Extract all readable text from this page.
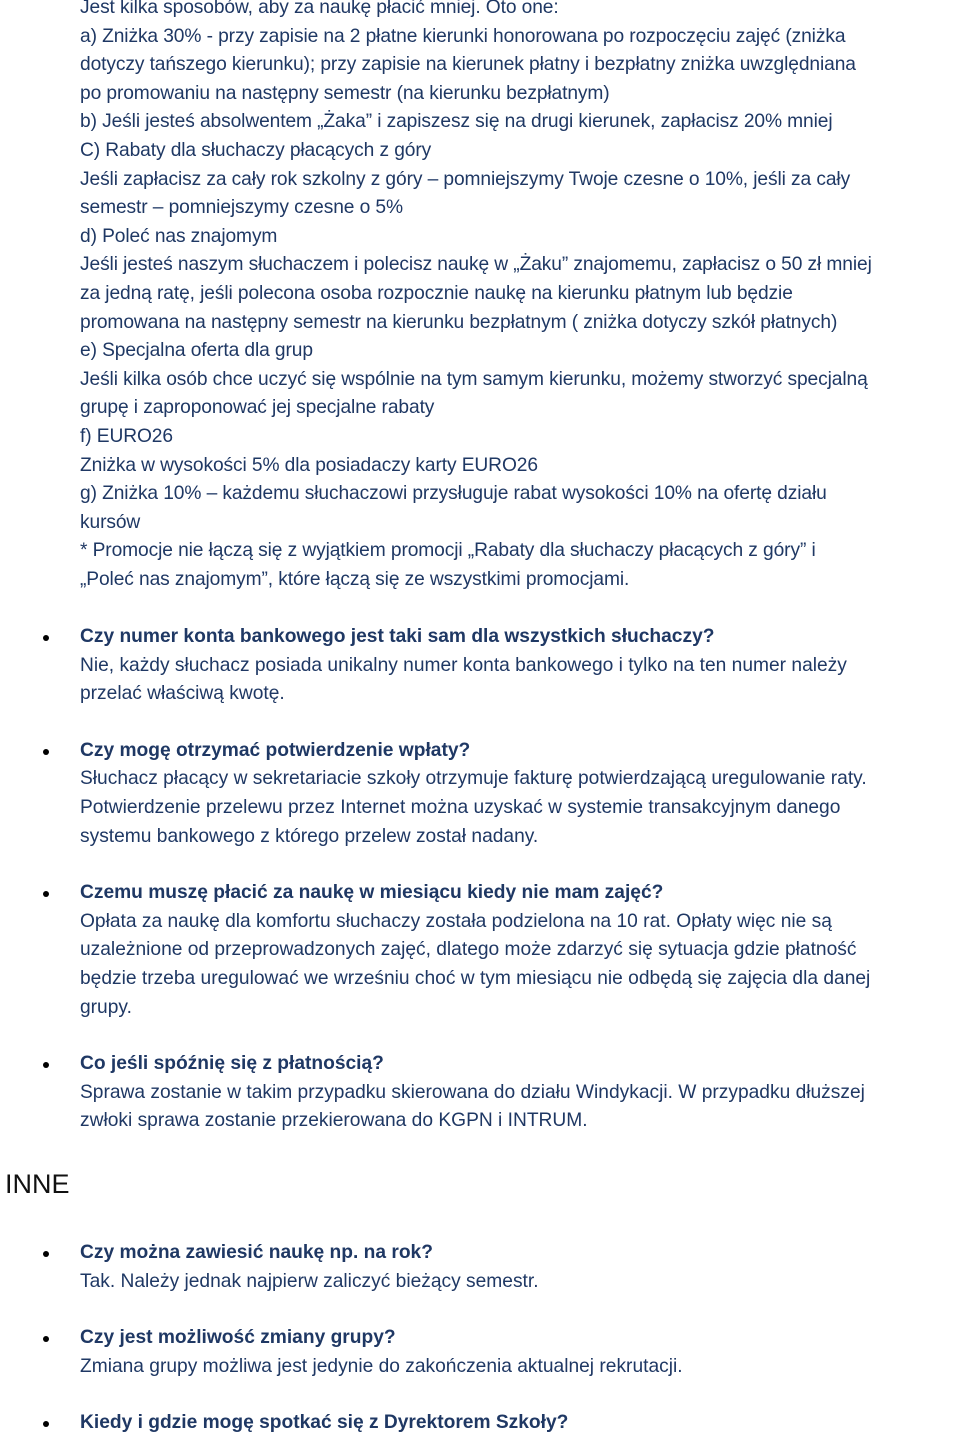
Jest kilka sposobów, aby za naukę płacić mniej. Oto one:
a) Zniżka 30% - przy zapisie na 2 płatne kierunki honorowana po rozpoczęciu zajęć (zniżka
dotyczy tańszego kierunku); przy zapisie na kierunek płatny i bezpłatny zniżka uwzględniana
po promowaniu na następny semestr (na kierunku bezpłatnym)
b) Jeśli jesteś absolwentem „Żaka” i zapiszesz się na drugi kierunek, zapłacisz 20% mniej
C) Rabaty dla słuchaczy płacących z góry
Jeśli zapłacisz za cały rok szkolny z góry – pomniejszymy Twoje czesne o 10%, jeśli za cały
semestr – pomniejszymy czesne o 5%
d) Poleć nas znajomym
Jeśli jesteś naszym słuchaczem i polecisz naukę w „Żaku” znajomemu, zapłacisz o 50 zł mniej
za jedną ratę, jeśli polecona osoba rozpocznie naukę na kierunku płatnym lub będzie
promowana na następny semestr na kierunku bezpłatnym ( zniżka dotyczy szkół płatnych)
e) Specjalna oferta dla grup
Jeśli kilka osób chce uczyć się wspólnie na tym samym kierunku, możemy stworzyć specjalną
grupę i zaproponować jej specjalne rabaty
f) EURO26
Zniżka w wysokości 5% dla posiadaczy karty EURO26
g) Zniżka 10% – każdemu słuchaczowi przysługuje rabat wysokości 10% na ofertę działu
kursów
* Promocje nie łączą się z wyjątkiem promocji „Rabaty dla słuchaczy płacących z góry” i
„Poleć nas znajomym”, które łączą się ze wszystkimi promocjami.
Czy numer konta bankowego jest taki sam dla wszystkich słuchaczy?
Nie, każdy słuchacz posiada unikalny numer konta bankowego i tylko na ten numer należy
przelać właściwą kwotę.
Czy mogę otrzymać potwierdzenie wpłaty?
Słuchacz płacący w sekretariacie szkoły otrzymuje fakturę potwierdzającą uregulowanie raty.
Potwierdzenie przelewu przez Internet można uzyskać w systemie transakcyjnym danego
systemu bankowego z którego przelew został nadany.
Czemu muszę płacić za naukę w miesiącu kiedy nie mam zajęć?
Opłata za naukę dla komfortu słuchaczy została podzielona na 10 rat. Opłaty więc nie są
uzależnione od przeprowadzonych zajęć, dlatego może zdarzyć się sytuacja gdzie płatność
będzie trzeba uregulować we wrześniu choć w tym miesiącu nie odbędą się zajęcia dla danej
grupy.
Co jeśli spóźnię się z płatnością?
Sprawa zostanie w takim przypadku skierowana do działu Windykacji. W przypadku dłuższej
zwłoki sprawa zostanie przekierowana do KGPN i INTRUM.
INNE
Czy można zawiesić naukę np. na rok?
Tak. Należy jednak najpierw zaliczyć bieżący semestr.
Czy jest możliwość zmiany grupy?
Zmiana grupy możliwa jest jedynie do zakończenia aktualnej rekrutacji.
Kiedy i gdzie mogę spotkać się z Dyrektorem Szkoły?
